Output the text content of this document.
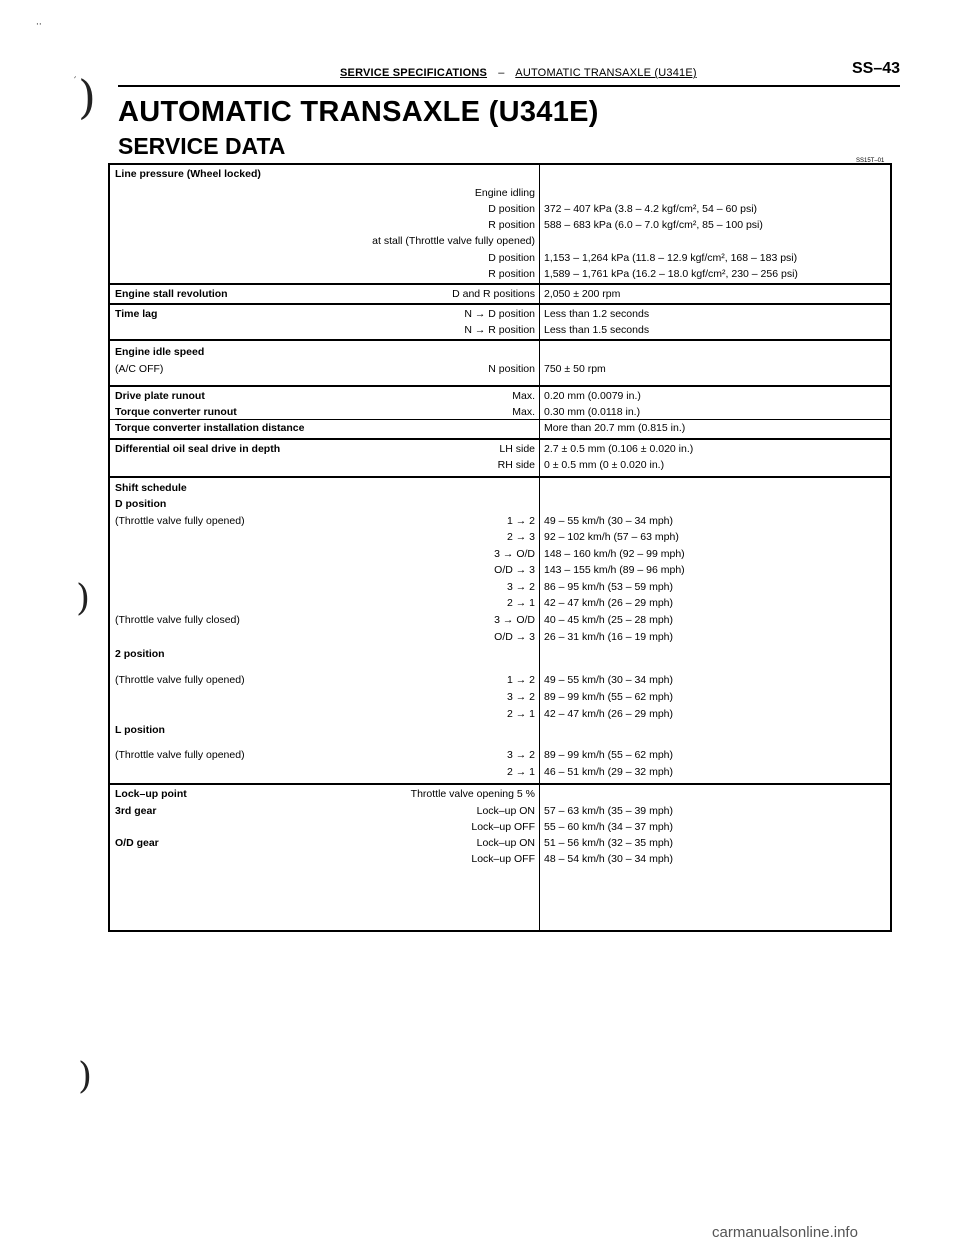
··
)
′
)
)
SERVICE SPECIFICATIONS – AUTOMATIC TRANSAXLE (U341E)	SS–43
AUTOMATIC TRANSAXLE (U341E)
SERVICE DATA
SS15T–01
Line pressure (Wheel locked)
Engine idling
D position 372 – 407 kPa (3.8 – 4.2 kgf/cm², 54 – 60 psi)
R position 588 – 683 kPa (6.0 – 7.0 kgf/cm², 85 – 100 psi)
at stall (Throttle valve fully opened)
D position 1,153 – 1,264 kPa (11.8 – 12.9 kgf/cm², 168 – 183 psi)
R position 1,589 – 1,761 kPa (16.2 – 18.0 kgf/cm², 230 – 256 psi)
Engine stall revolution	D and R positions 2,050 ± 200 rpm
Time lag	N → D position Less than 1.2 seconds
N → R position Less than 1.5 seconds
Engine idle speed
(A/C OFF)	N position 750 ± 50 rpm
Drive plate runout	Max. 0.20 mm (0.0079 in.)
Torque converter runout	Max. 0.30 mm (0.0118 in.)
Torque converter installation distance	More than 20.7 mm (0.815 in.)
Differential oil seal drive in depth	LH side 2.7 ± 0.5 mm (0.106 ± 0.020 in.)
RH side 0 ± 0.5 mm (0 ± 0.020 in.)
Shift schedule
D position
(Throttle valve fully opened)	1 → 2 49 – 55 km/h (30 – 34 mph)
2 → 3 92 – 102 km/h (57 – 63 mph)
3 → O/D 148 – 160 km/h (92 – 99 mph)
O/D → 3 143 – 155 km/h (89 – 96 mph)
3 → 2 86 – 95 km/h (53 – 59 mph)
2 → 1 42 – 47 km/h (26 – 29 mph)
(Throttle valve fully closed)	3 → O/D 40 – 45 km/h (25 – 28 mph)
O/D → 3 26 – 31 km/h (16 – 19 mph)
2 position
(Throttle valve fully opened)	1 → 2 49 – 55 km/h (30 – 34 mph)
3 → 2 89 – 99 km/h (55 – 62 mph)
2 → 1 42 – 47 km/h (26 – 29 mph)
L position
(Throttle valve fully opened)	3 → 2 89 – 99 km/h (55 – 62 mph)
2 → 1 46 – 51 km/h (29 – 32 mph)
Lock–up point	Throttle valve opening 5 %
3rd gear	Lock–up ON 57 – 63 km/h (35 – 39 mph)
Lock–up OFF 55 – 60 km/h (34 – 37 mph)
O/D gear	Lock–up ON 51 – 56 km/h (32 – 35 mph)
Lock–up OFF 48 – 54 km/h (30 – 34 mph)
carmanualsonline.info
